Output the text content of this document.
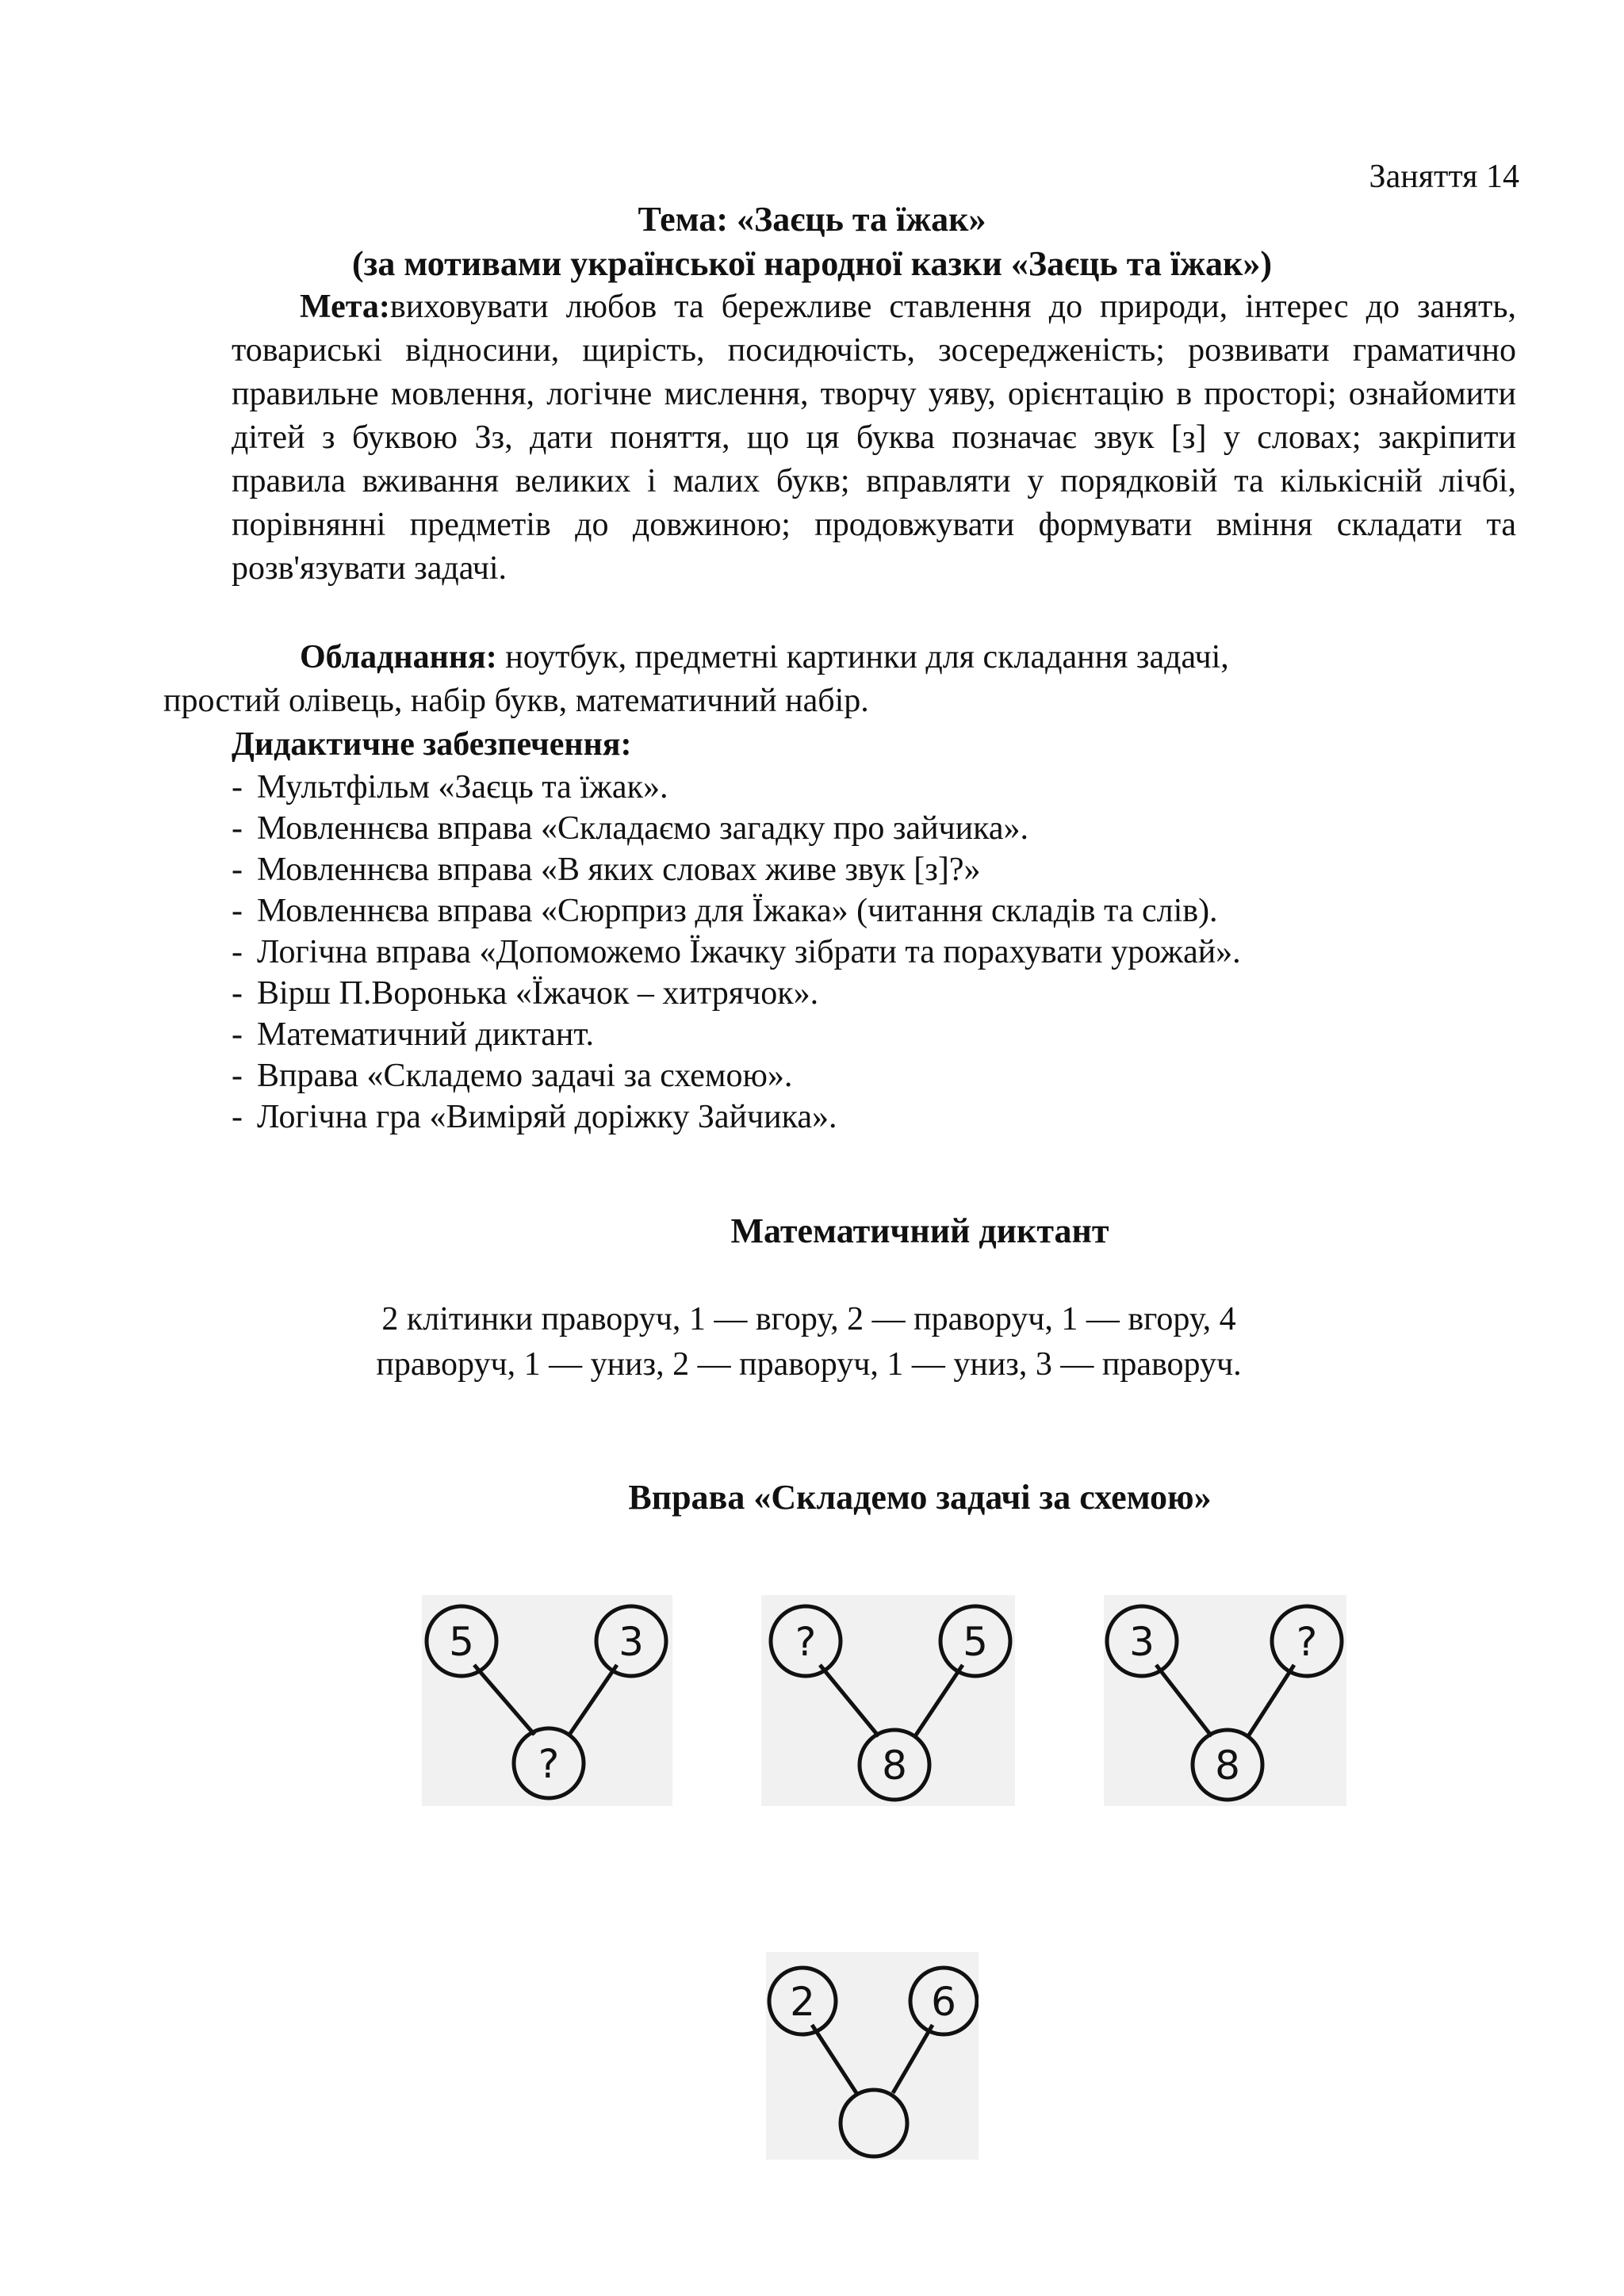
Заняття 14
Тема: «Заєць та їжак»
(за мотивами української народної казки «Заєць та їжак»)
Мета:виховувати любов та бережливе ставлення до природи, інтерес до занять, товариські відносини, щирість, посидючість, зосередженість; розвивати граматично правильне мовлення, логічне мислення, творчу уяву, орієнтацію в просторі; ознайомити дітей з буквою Зз, дати поняття, що ця буква позначає звук [з] у словах; закріпити правила вживання великих і малих букв; вправляти у порядковій та кількісній лічбі, порівнянні предметів до довжиною; продовжувати формувати вміння складати та розв'язувати задачі.
Обладнання: ноутбук, предметні картинки для складання задачі,
простий олівець, набір букв, математичний набір.
Дидактичне забезпечення:
- Мультфільм «Заєць та їжак».
- Мовленнєва вправа «Складаємо загадку про зайчика».
- Мовленнєва вправа «В яких словах живе звук [з]?»
- Мовленнєва вправа «Сюрприз для Їжака» (читання складів та слів).
- Логічна вправа «Допоможемо Їжачку зібрати та порахувати урожай».
- Вірш П.Воронька «Їжачок – хитрячок».
- Математичний диктант.
- Вправа «Складемо задачі за схемою».
- Логічна гра «Виміряй доріжку Зайчика».
Математичний диктант
2 клітинки праворуч, 1 — вгору, 2 — праворуч, 1 — вгору, 4
праворуч, 1 — униз, 2 — праворуч, 1 — униз, 3 — праворуч.
Вправа «Складемо задачі за схемою»
5	3
?
?	5
8
3	?
8
2	6
